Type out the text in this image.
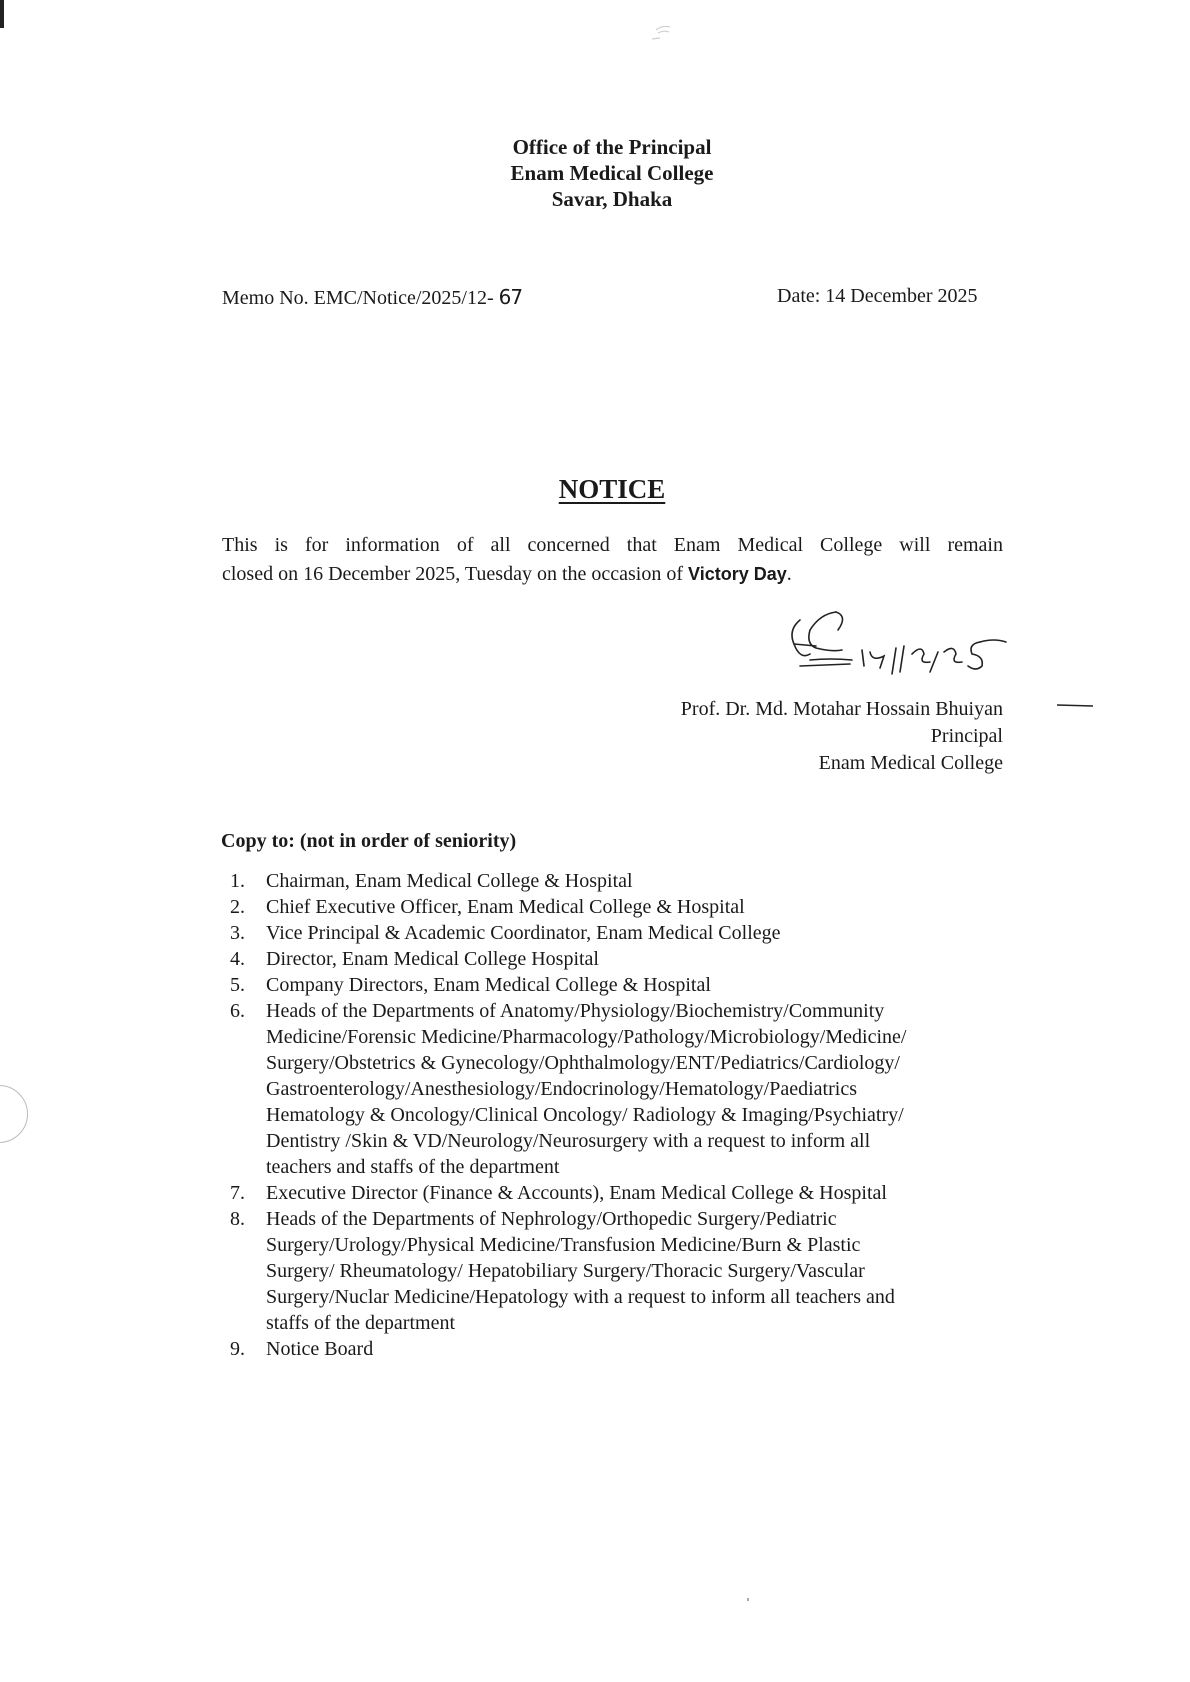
Office of the Principal
Enam Medical College
Savar, Dhaka
Memo No. EMC/Notice/2025/12- 67	Date: 14 December 2025
NOTICE
This is for information of all concerned that Enam Medical College will remain
closed on 16 December 2025, Tuesday on the occasion of Victory Day.
14/12/25
Prof. Dr. Md. Motahar Hossain Bhuiyan
Principal
Enam Medical College
Copy to: (not in order of seniority)
1.	Chairman, Enam Medical College & Hospital
2.	Chief Executive Officer, Enam Medical College & Hospital
3.	Vice Principal & Academic Coordinator, Enam Medical College
4.	Director, Enam Medical College Hospital
5.	Company Directors, Enam Medical College & Hospital
6.	Heads of the Departments of Anatomy/Physiology/Biochemistry/Community
Medicine/Forensic Medicine/Pharmacology/Pathology/Microbiology/Medicine/
Surgery/Obstetrics & Gynecology/Ophthalmology/ENT/Pediatrics/Cardiology/
Gastroenterology/Anesthesiology/Endocrinology/Hematology/Paediatrics
Hematology & Oncology/Clinical Oncology/ Radiology & Imaging/Psychiatry/
Dentistry /Skin & VD/Neurology/Neurosurgery with a request to inform all
teachers and staffs of the department
7.	Executive Director (Finance & Accounts), Enam Medical College & Hospital
8.	Heads of the Departments of Nephrology/Orthopedic Surgery/Pediatric
Surgery/Urology/Physical Medicine/Transfusion Medicine/Burn & Plastic
Surgery/ Rheumatology/ Hepatobiliary Surgery/Thoracic Surgery/Vascular
Surgery/Nuclar Medicine/Hepatology with a request to inform all teachers and
staffs of the department
9.	Notice Board
